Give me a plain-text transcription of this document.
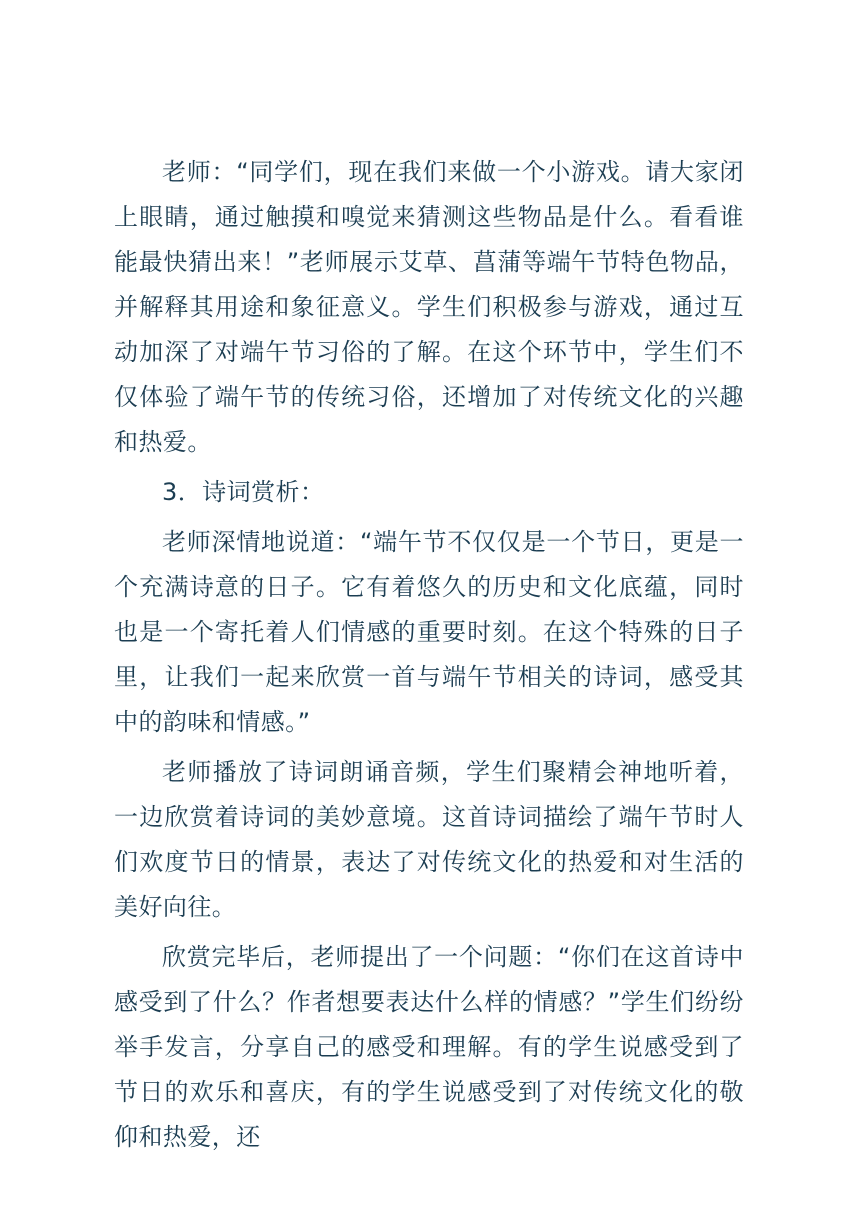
老师：“同学们，现在我们来做一个小游戏。请大家闭上眼睛，通过触摸和嗅觉来猜测这些物品是什么。看看谁能最快猜出来！”老师展示艾草、菖蒲等端午节特色物品，并解释其用途和象征意义。学生们积极参与游戏，通过互动加深了对端午节习俗的了解。在这个环节中，学生们不仅体验了端午节的传统习俗，还增加了对传统文化的兴趣和热爱。

3．诗词赏析：

老师深情地说道：“端午节不仅仅是一个节日，更是一个充满诗意的日子。它有着悠久的历史和文化底蕴，同时也是一个寄托着人们情感的重要时刻。在这个特殊的日子里，让我们一起来欣赏一首与端午节相关的诗词，感受其中的韵味和情感。”

老师播放了诗词朗诵音频，学生们聚精会神地听着，一边欣赏着诗词的美妙意境。这首诗词描绘了端午节时人们欢度节日的情景，表达了对传统文化的热爱和对生活的美好向往。

欣赏完毕后，老师提出了一个问题：“你们在这首诗中感受到了什么？作者想要表达什么样的情感？”学生们纷纷举手发言，分享自己的感受和理解。有的学生说感受到了节日的欢乐和喜庆，有的学生说感受到了对传统文化的敬仰和热爱，还
